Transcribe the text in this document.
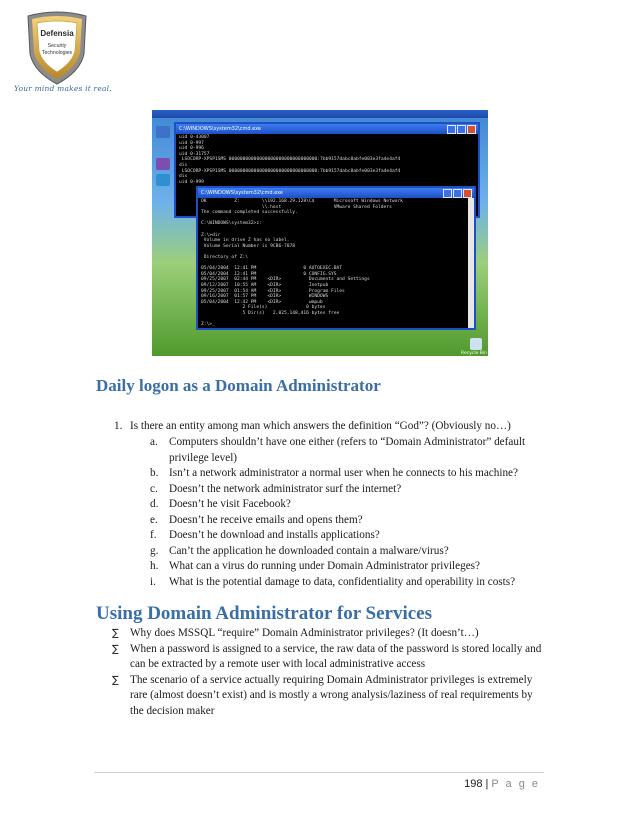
Defensia
Security
Technologies
Your mind makes it real.
C:\WINDOWS\system32\cmd.exe
uid 0-43007
uid 0-997
uid 0-996
uid 0-31757
LSOCORP-XPSP1SMS 00000000000000000000000000000000:7bb9157dabc8abfe003e3fa4e4af4
dis
LSOCORP-XPSP1SMS 00000000000000000000000000000000:7bb9157dabc8abfe003e3fa4e4af4
dis
uid 0-999
C:\WINDOWS\system32\cmd.exe
OK          Z:        \\192.168.29.128\C$       Microsoft Windows Network
\\.host                   VMware Shared Folders
The command completed successfully.

C:\WINDOWS\system32>z:

Z:\>dir
Volume in drive Z has no label.
Volume Serial Number is 9CB6-7078

Directory of Z:\

05/04/2004  12:41 PM                 0 AUTOEXEC.BAT
05/04/2004  12:41 PM                 0 CONFIG.SYS
09/25/2007  02:44 PM    <DIR>          Documents and Settings
09/12/2007  10:55 AM    <DIR>          Inetpub
09/25/2007  01:54 AM    <DIR>          Program Files
09/16/2007  01:57 PM    <DIR>          WINDOWS
05/04/2004  12:42 PM    <DIR>          wmpub
2 File(s)              0 bytes
5 Dir(s)   2,025,148,416 bytes free

Z:\>_
Recycle Bin
Daily logon as a Domain Administrator
1. Is there an entity among man which answers the definition “God”? (Obviously no…)
a.	Computers shouldn’t have one either (refers to “Domain Administrator” default privilege level)
b. Isn’t a network administrator a normal user when he connects to his machine?
c.	Doesn’t the network administrator surf the internet?
d. Doesn’t he visit Facebook?
e.	Doesn’t he receive emails and opens them?
f.	Doesn’t he download and installs applications?
g. Can’t the application he downloaded contain a malware/virus?
h. What can a virus do running under Domain Administrator privileges?
i.	What is the potential damage to data, confidentiality and operability in costs?
Using Domain Administrator for Services
∑	Why does MSSQL “require” Domain Administrator privileges? (It doesn’t…)
∑	When a password is assigned to a service, the raw data of the password is stored locally and can be extracted by a remote user with local administrative access
∑	The scenario of a service actually requiring Domain Administrator privileges is extremely rare (almost doesn’t exist) and is mostly a wrong analysis/laziness of real requirements by the decision maker
198 | P a g e
